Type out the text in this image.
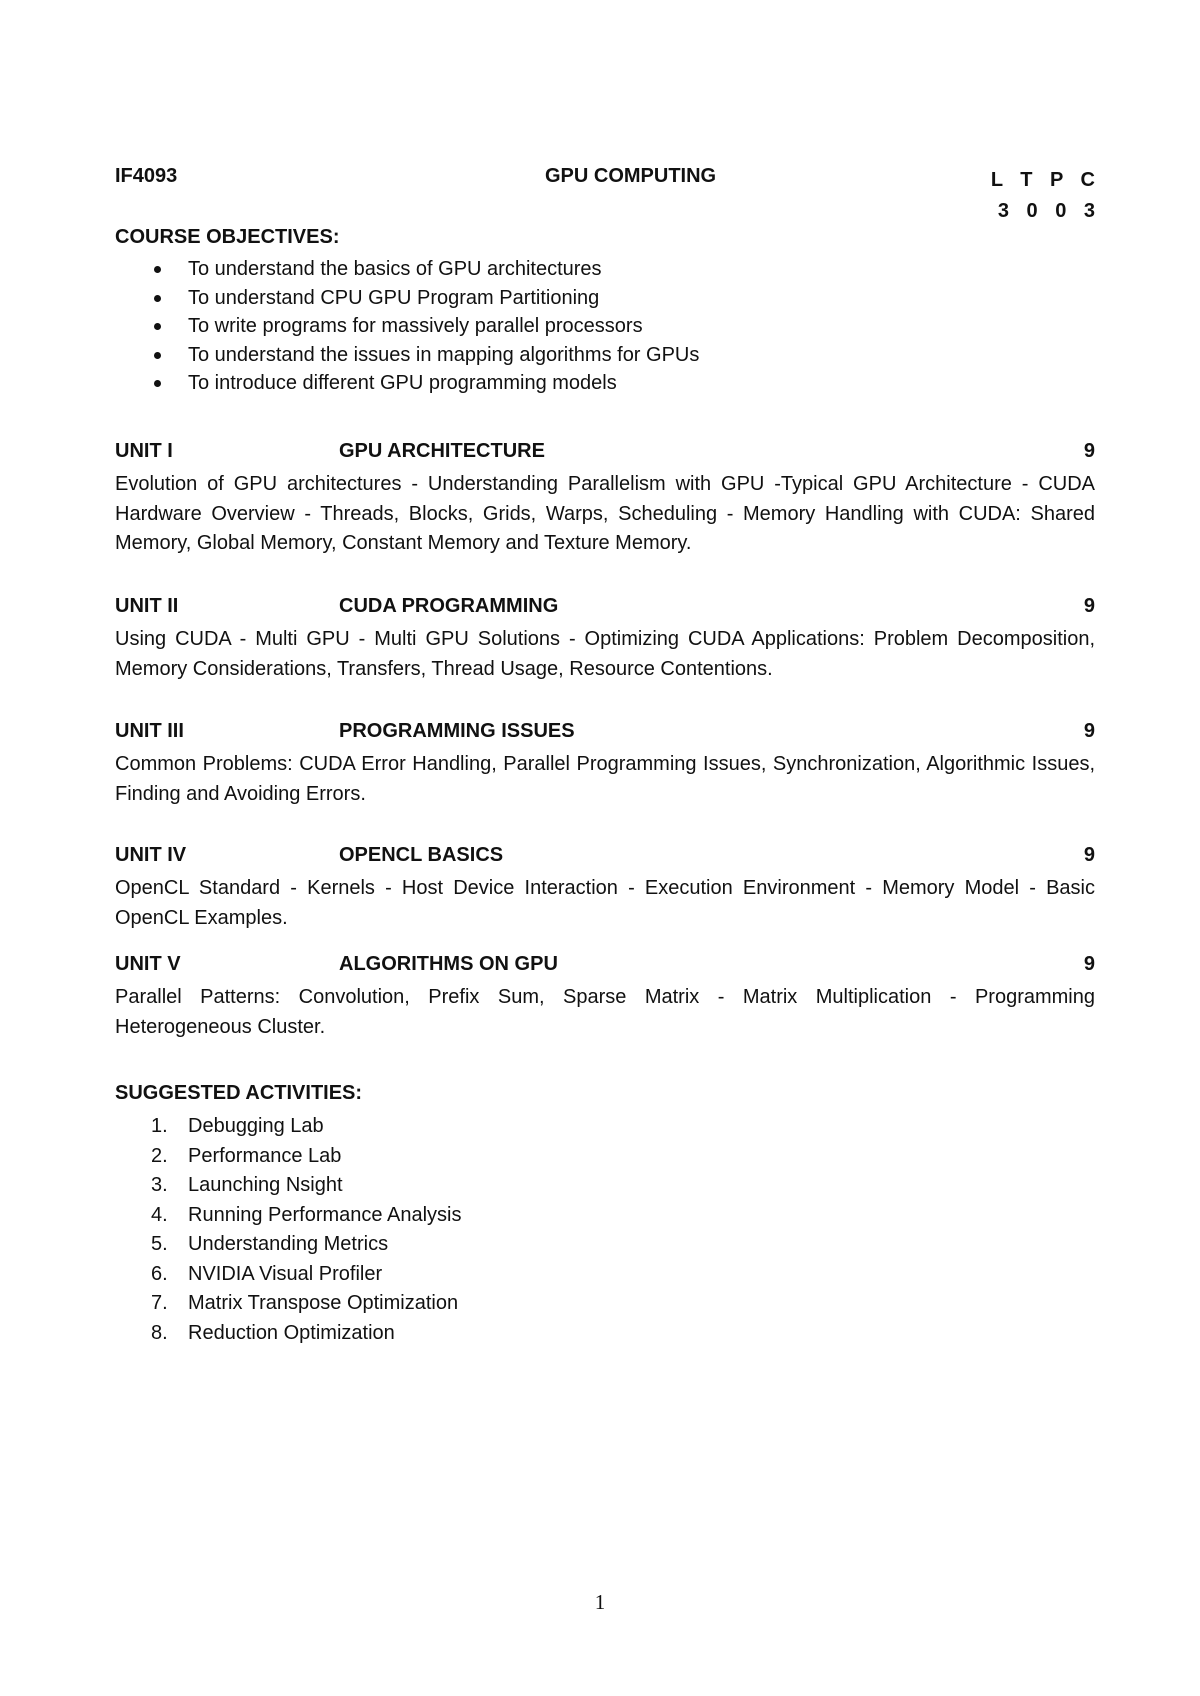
IF4093	GPU COMPUTING	L T P C
3 0 0 3
COURSE OBJECTIVES:
To understand the basics of GPU architectures
To understand CPU GPU Program Partitioning
To write programs for massively parallel processors
To understand the issues in mapping algorithms for GPUs
To introduce different GPU programming models
UNIT I	GPU ARCHITECTURE	9
Evolution of GPU architectures - Understanding Parallelism with GPU -Typical GPU Architecture - CUDA Hardware Overview - Threads, Blocks, Grids, Warps, Scheduling - Memory Handling with CUDA: Shared Memory, Global Memory, Constant Memory and Texture Memory.
UNIT II	CUDA PROGRAMMING	9
Using CUDA - Multi GPU - Multi GPU Solutions - Optimizing CUDA Applications: Problem Decomposition, Memory Considerations, Transfers, Thread Usage, Resource Contentions.
UNIT III	PROGRAMMING ISSUES	9
Common Problems: CUDA Error Handling, Parallel Programming Issues, Synchronization, Algorithmic Issues, Finding and Avoiding Errors.
UNIT IV	OPENCL BASICS	9
OpenCL Standard - Kernels - Host Device Interaction - Execution Environment - Memory Model - Basic OpenCL Examples.
UNIT V	ALGORITHMS ON GPU	9
Parallel Patterns: Convolution, Prefix Sum, Sparse Matrix - Matrix Multiplication - Programming Heterogeneous Cluster.
SUGGESTED ACTIVITIES:
1. Debugging Lab
2. Performance Lab
3. Launching Nsight
4. Running Performance Analysis
5. Understanding Metrics
6. NVIDIA Visual Profiler
7. Matrix Transpose Optimization
8. Reduction Optimization
1
